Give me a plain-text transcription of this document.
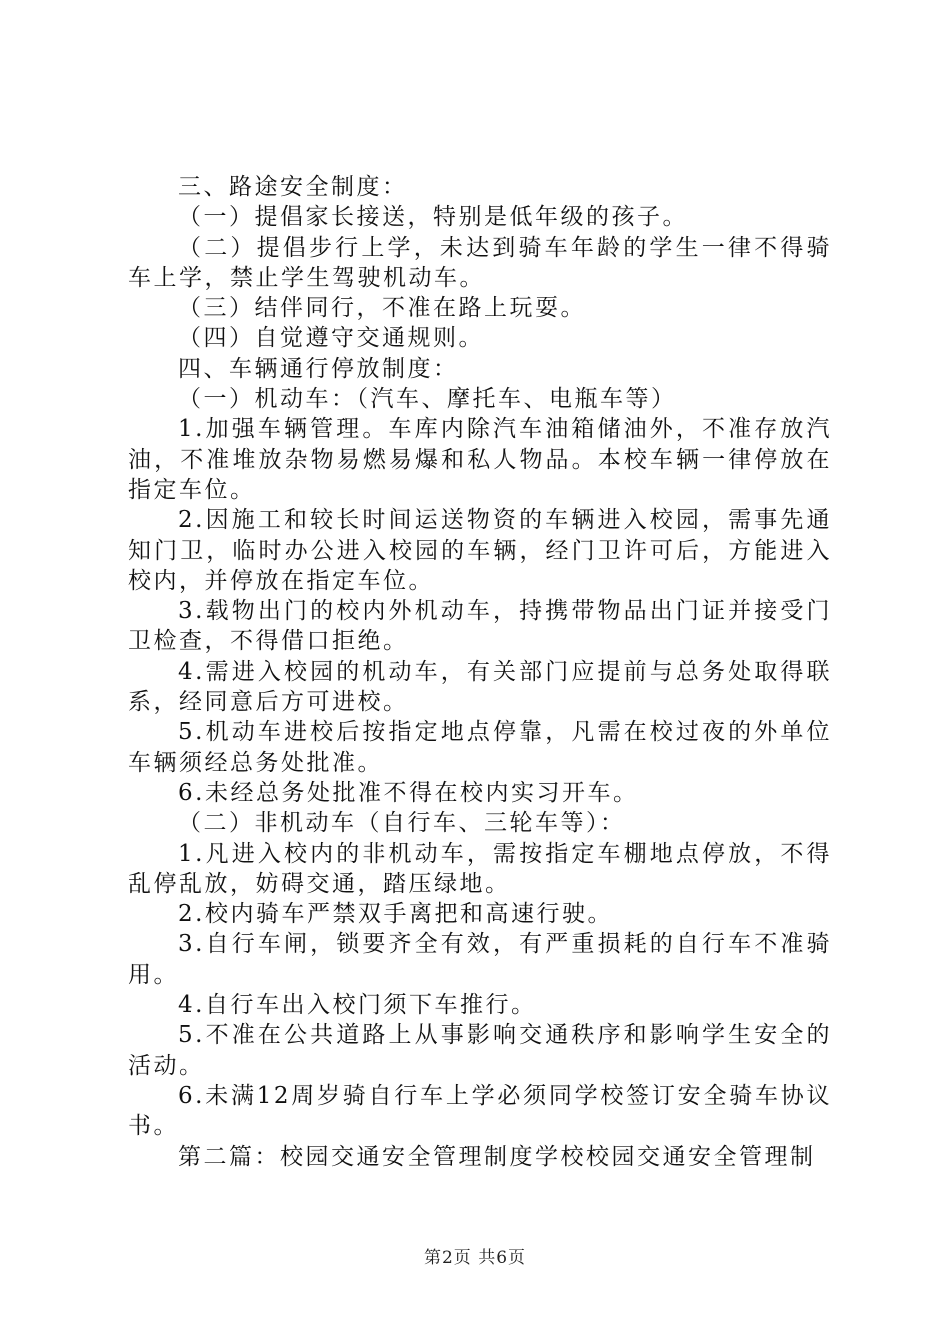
三、路途安全制度：

（一）提倡家长接送，特别是低年级的孩子。

（二）提倡步行上学，未达到骑车年龄的学生一律不得骑车上学，禁止学生驾驶机动车。

（三）结伴同行，不准在路上玩耍。

（四）自觉遵守交通规则。

四、车辆通行停放制度：

（一）机动车：（汽车、摩托车、电瓶车等）

1.加强车辆管理。车库内除汽车油箱储油外，不准存放汽油，不准堆放杂物易燃易爆和私人物品。本校车辆一律停放在指定车位。

2.因施工和较长时间运送物资的车辆进入校园，需事先通知门卫，临时办公进入校园的车辆，经门卫许可后，方能进入校内，并停放在指定车位。

3.载物出门的校内外机动车，持携带物品出门证并接受门卫检查，不得借口拒绝。

4.需进入校园的机动车，有关部门应提前与总务处取得联系，经同意后方可进校。

5.机动车进校后按指定地点停靠，凡需在校过夜的外单位车辆须经总务处批准。

6.未经总务处批准不得在校内实习开车。

（二）非机动车（自行车、三轮车等）：

1.凡进入校内的非机动车，需按指定车棚地点停放，不得乱停乱放，妨碍交通，踏压绿地。

2.校内骑车严禁双手离把和高速行驶。

3.自行车闸，锁要齐全有效，有严重损耗的自行车不准骑用。

4.自行车出入校门须下车推行。

5.不准在公共道路上从事影响交通秩序和影响学生安全的活动。

6.未满12周岁骑自行车上学必须同学校签订安全骑车协议书。

第二篇：校园交通安全管理制度学校校园交通安全管理制

第2页 共6页
